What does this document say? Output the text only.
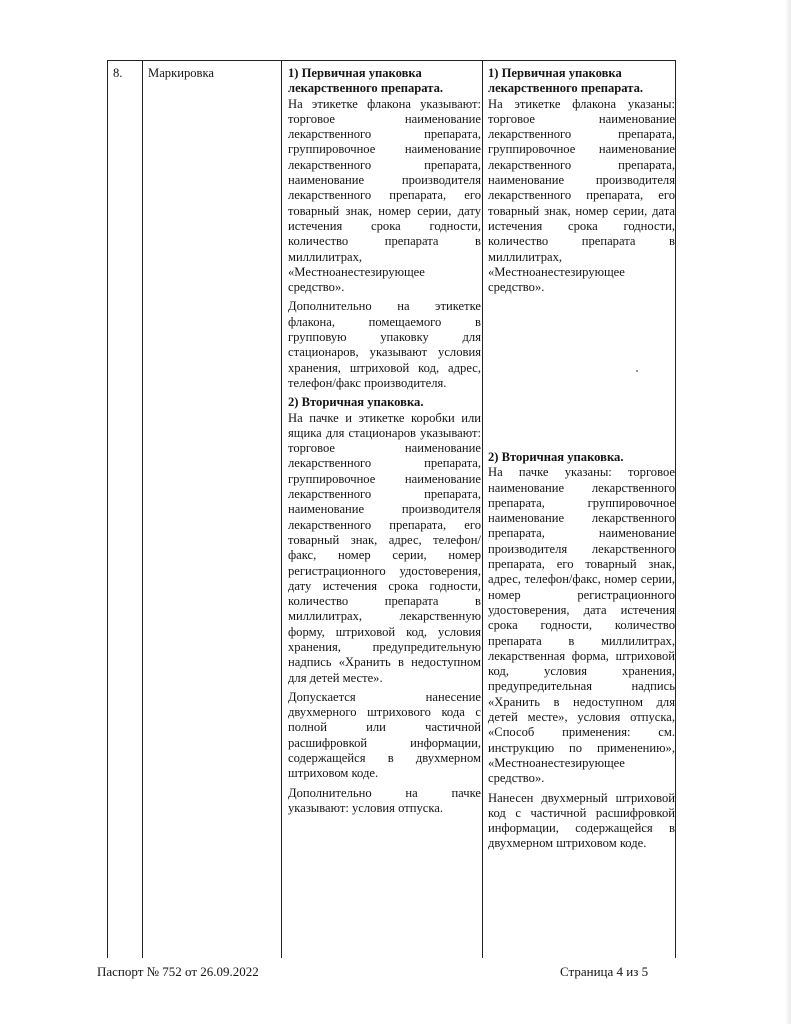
8. Маркировка	1) Первичная упаковка лекарственного препарата.

На этикетке флакона указывают: торговое наименование лекарственного препарата, группировочное наименование лекарственного препарата, наименование производителя лекарственного препарата, его товарный знак, номер серии, дату истечения срока годности, количество препарата в миллилитрах, «Местноанестезирующее средство».

Дополнительно на этикетке флакона, помещаемого в групповую упаковку для стационаров, указывают условия хранения, штриховой код, адрес, телефон/факс производителя.

2) Вторичная упаковка.

На пачке и этикетке коробки или ящика для стационаров указывают: торговое наименование лекарственного препарата, группировочное наименование лекарственного препарата, наименование производителя лекарственного препарата, его товарный знак, адрес, телефон/факс, номер серии, номер регистрационного удостоверения, дату истечения срока годности, количество препарата в миллилитрах, лекарственную форму, штриховой код, условия хранения, предупредительную надпись «Хранить в недоступном для детей месте».

Допускается нанесение двухмерного штрихового кода с полной или частичной расшифровкой информации, содержащейся в двухмерном штриховом коде.

Дополнительно на пачке указывают: условия отпуска.

1) Первичная упаковка лекарственного препарата.

На этикетке флакона указаны: торговое наименование лекарственного препарата, группировочное наименование лекарственного препарата, наименование производителя лекарственного препарата, его товарный знак, номер серии, дата истечения срока годности, количество препарата в миллилитрах, «Местноанестезирующее средство».

2) Вторичная упаковка.

На пачке указаны: торговое наименование лекарственного препарата, группировочное наименование лекарственного препарата, наименование производителя лекарственного препарата, его товарный знак, адрес, телефон/факс, номер серии, номер регистрационного удостоверения, дата истечения срока годности, количество препарата в миллилитрах, лекарственная форма, штриховой код, условия хранения, предупредительная надпись «Хранить в недоступном для детей месте», условия отпуска, «Способ применения: см. инструкцию по применению», «Местноанестезирующее средство».

Нанесен двухмерный штриховой код с частичной расшифровкой информации, содержащейся в двухмерном штриховом коде.

Паспорт № 752 от 26.09.2022	Страница 4 из 5
